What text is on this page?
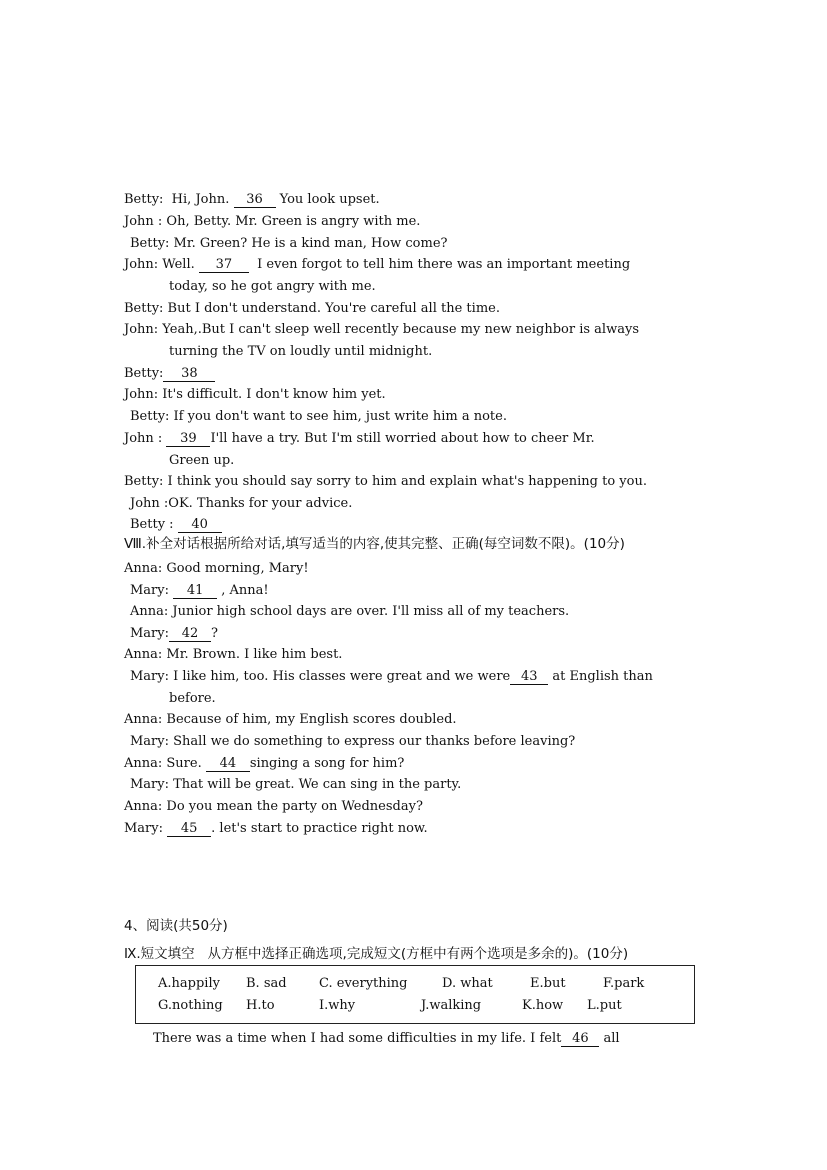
Betty:  Hi, John. 36 You look upset.
John : Oh, Betty. Mr. Green is angry with me.
Betty: Mr. Green? He is a kind man, How come?
John: Well. 37  I even forgot to tell him there was an important meeting
today, so he got angry with me.
Betty: But I don't understand. You're careful all the time.
John: Yeah,.But I can't sleep well recently because my new neighbor is always
turning the TV on loudly until midnight.
Betty: 38
John: It's difficult. I don't know him yet.
Betty: If you don't want to see him, just write him a note.
John : 39 I'll have a try. But I'm still worried about how to cheer Mr.
Green up.
Betty: I think you should say sorry to him and explain what's happening to you.
John :OK. Thanks for your advice.
Betty : 40
Ⅷ.补全对话根据所给对话,填写适当的内容,使其完整、正确(每空词数不限)。(10分)
Anna: Good morning, Mary!
Mary: 41 , Anna!
Anna: Junior high school days are over. I'll miss all of my teachers.
Mary: 42 ?
Anna: Mr. Brown. I like him best.
Mary: I like him, too. His classes were great and we were 43 at English than
before.
Anna: Because of him, my English scores doubled.
Mary: Shall we do something to express our thanks before leaving?
Anna: Sure. 44 singing a song for him?
Mary: That will be great. We can sing in the party.
Anna: Do you mean the party on Wednesday?
Mary: 45 . let's start to practice right now.
4、阅读(共50分)
Ⅸ.短文填空   从方框中选择正确选项,完成短文(方框中有两个选项是多余的)。(10分)
A.happily B. sad C. everything	D. what	E.but	F.park
G.nothing H.to	I.why	J.walking	K.how L.put
There was a time when I had some difficulties in my life. I felt 46 all
